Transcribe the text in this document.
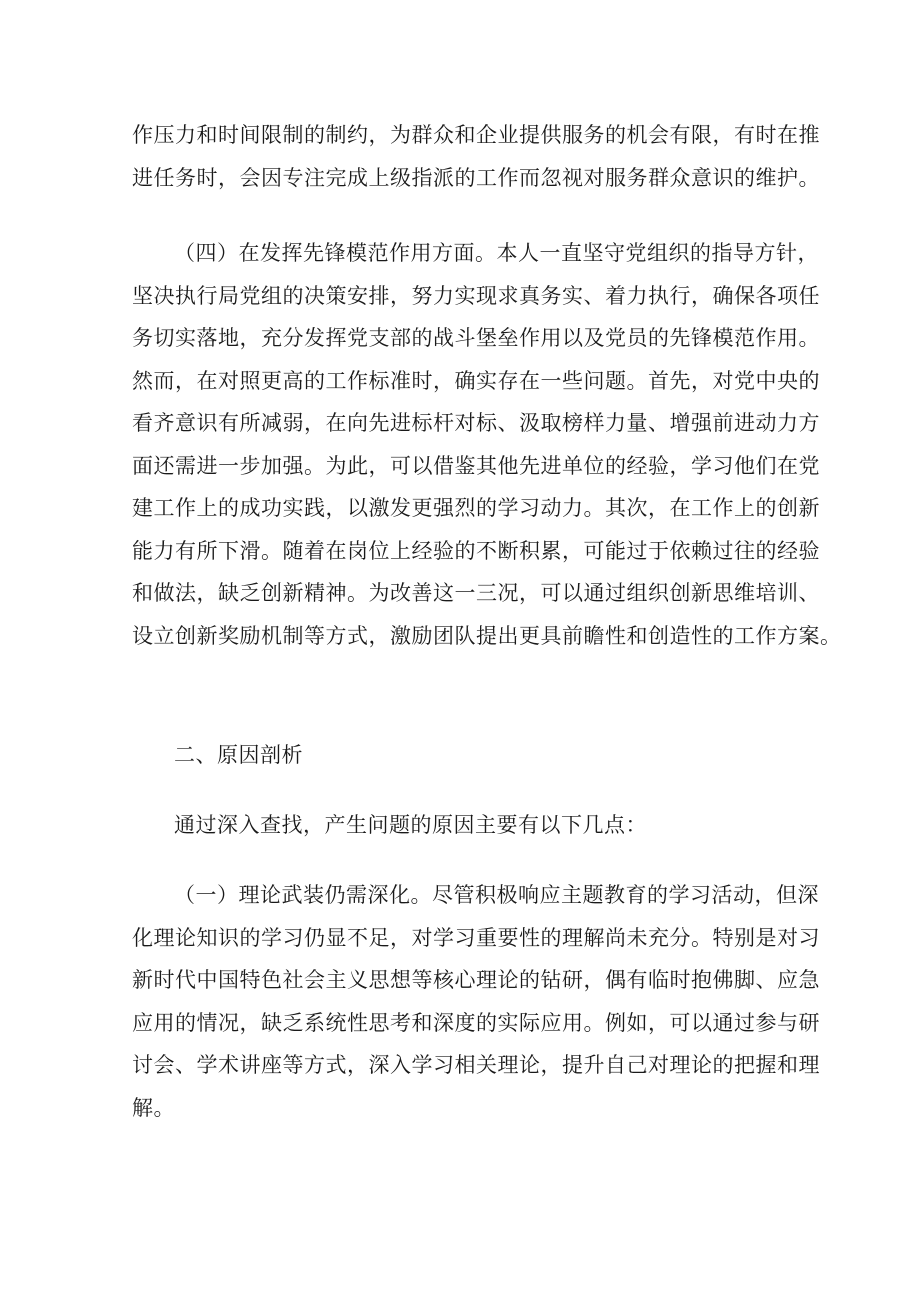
作压力和时间限制的制约，为群众和企业提供服务的机会有限，有时在推
进任务时，会因专注完成上级指派的工作而忽视对服务群众意识的维护。
（四）在发挥先锋模范作用方面。本人一直坚守党组织的指导方针，
坚决执行局党组的决策安排，努力实现求真务实、着力执行，确保各项任
务切实落地，充分发挥党支部的战斗堡垒作用以及党员的先锋模范作用。
然而，在对照更高的工作标准时，确实存在一些问题。首先，对党中央的
看齐意识有所减弱，在向先进标杆对标、汲取榜样力量、增强前进动力方
面还需进一步加强。为此，可以借鉴其他先进单位的经验，学习他们在党
建工作上的成功实践，以激发更强烈的学习动力。其次，在工作上的创新
能力有所下滑。随着在岗位上经验的不断积累，可能过于依赖过往的经验
和做法，缺乏创新精神。为改善这一三况，可以通过组织创新思维培训、
设立创新奖励机制等方式，激励团队提出更具前瞻性和创造性的工作方案。

二、原因剖析

通过深入查找，产生问题的原因主要有以下几点：

（一）理论武装仍需深化。尽管积极响应主题教育的学习活动，但深
化理论知识的学习仍显不足，对学习重要性的理解尚未充分。特别是对习
新时代中国特色社会主义思想等核心理论的钻研，偶有临时抱佛脚、应急
应用的情况，缺乏系统性思考和深度的实际应用。例如，可以通过参与研
讨会、学术讲座等方式，深入学习相关理论，提升自己对理论的把握和理
解。
